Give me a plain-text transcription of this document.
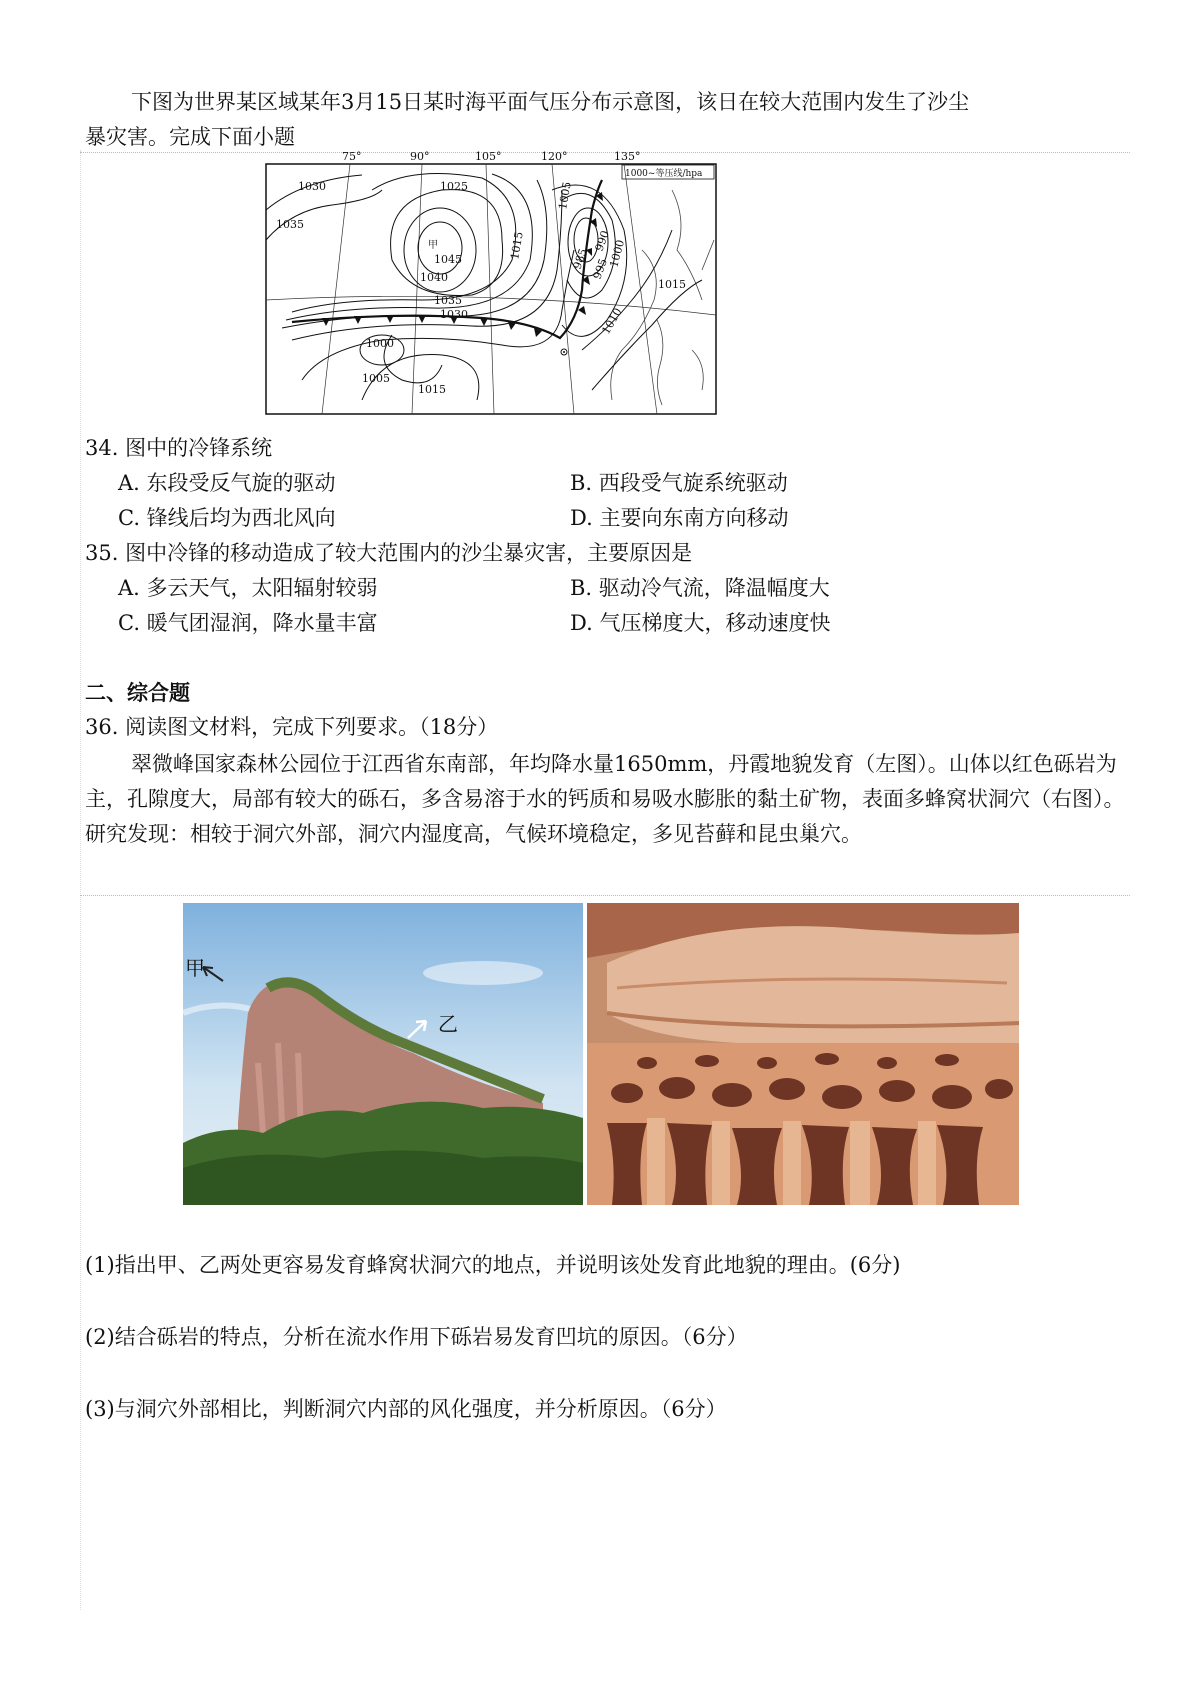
下图为世界某区域某年3月15日某时海平面气压分布示意图，该日在较大范围内发生了沙尘

暴灾害。完成下面小题

75°	90°	105°	120°	135°
1000~等压线/hpa
1030	1025
1035
1045
1040
1035
1030
1015
1005
985
990
995
1000
1010
1015
1000
1005
1015
甲
34. 图中的冷锋系统
A. 东段受反气旋的驱动	B. 西段受气旋系统驱动
C. 锋线后均为西北风向	D. 主要向东南方向移动
35. 图中冷锋的移动造成了较大范围内的沙尘暴灾害，主要原因是
A. 多云天气，太阳辐射较弱	B. 驱动冷气流，降温幅度大
C. 暖气团湿润，降水量丰富	D. 气压梯度大，移动速度快
二、综合题
36. 阅读图文材料，完成下列要求。（18分）

翠微峰国家森林公园位于江西省东南部，年均降水量1650mm，丹霞地貌发育（左图）。山体以红色砾岩为主，孔隙度大，局部有较大的砾石，多含易溶于水的钙质和易吸水膨胀的黏土矿物，表面多蜂窝状洞穴（右图）。研究发现：相较于洞穴外部，洞穴内湿度高，气候环境稳定，多见苔藓和昆虫巢穴。

甲
乙
(1)指出甲、乙两处更容易发育蜂窝状洞穴的地点，并说明该处发育此地貌的理由。(6分)
(2)结合砾岩的特点，分析在流水作用下砾岩易发育凹坑的原因。（6分）
(3)与洞穴外部相比，判断洞穴内部的风化强度，并分析原因。（6分）
